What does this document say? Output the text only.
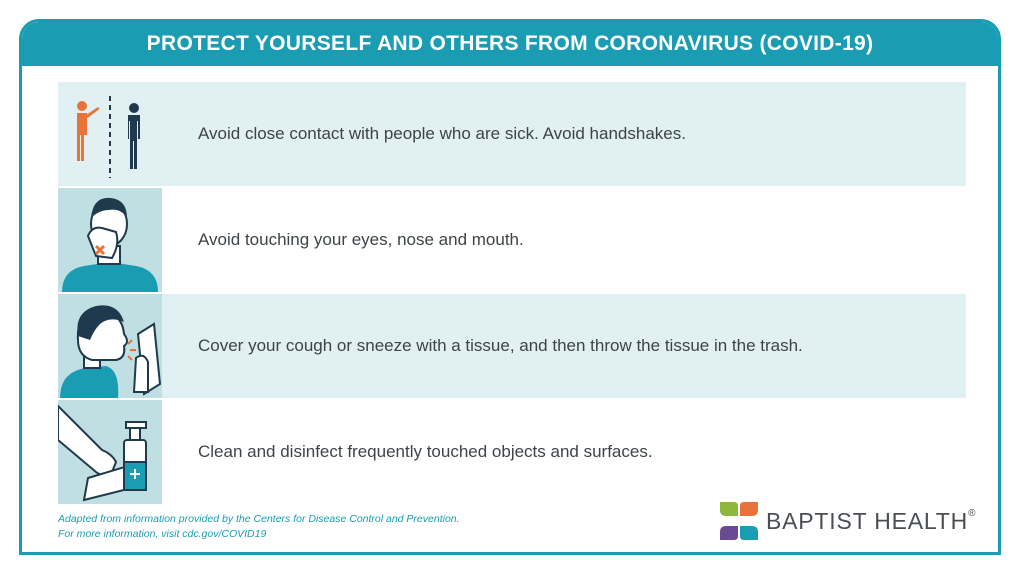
PROTECT YOURSELF AND OTHERS FROM CORONAVIRUS (COVID-19)
Avoid close contact with people who are sick. Avoid handshakes.
Avoid touching your eyes, nose and mouth.
Cover your cough or sneeze with a tissue, and then throw the tissue in the trash.
Clean and disinfect frequently touched objects and surfaces.
Adapted from information provided by the Centers for Disease Control and Prevention.
For more information, visit cdc.gov/COVID19	BAPTIST HEALTH®
